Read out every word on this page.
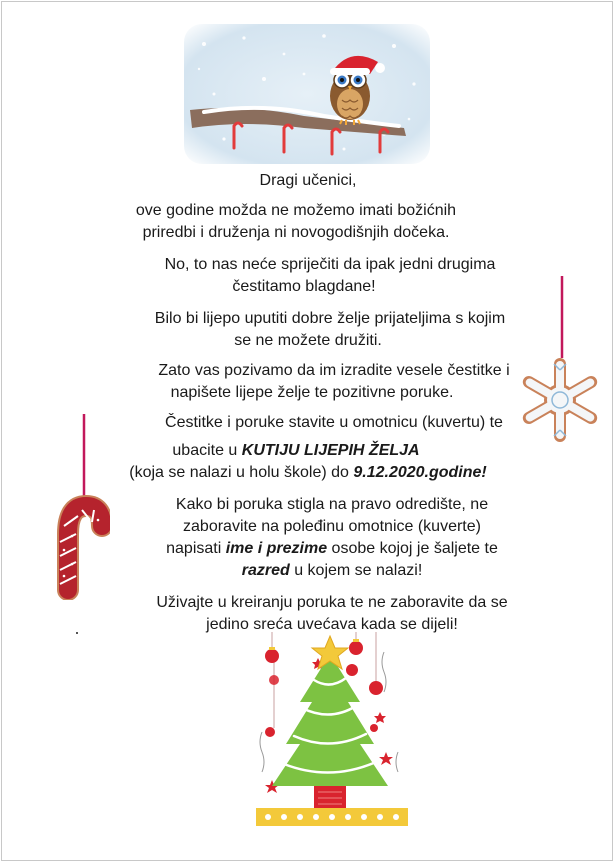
Dragi učenici,

ove godine možda ne možemo imati božićnih

priredbi i druženja ni novogodišnjih dočeka.

No, to nas neće spriječiti da ipak jedni drugima

čestitamo blagdane!

Bilo bi lijepo uputiti dobre želje prijateljima s kojim

se ne možete družiti.

Zato vas pozivamo da im izradite vesele čestitke i

napišete lijepe želje te pozitivne poruke.

Čestitke i poruke stavite u omotnicu (kuvertu) te

ubacite u KUTIJU LIJEPIH ŽELJA

(koja se nalazi u holu škole) do 9.12.2020.godine!

Kako bi poruka stigla na pravo odredište, ne

zaboravite na poleđinu omotnice (kuverte)

napisati ime i prezime osobe kojoj je šaljete te

razred u kojem se nalazi!

Uživajte u kreiranju poruka te ne zaboravite da se

jedino sreća uvećava kada se dijeli!
